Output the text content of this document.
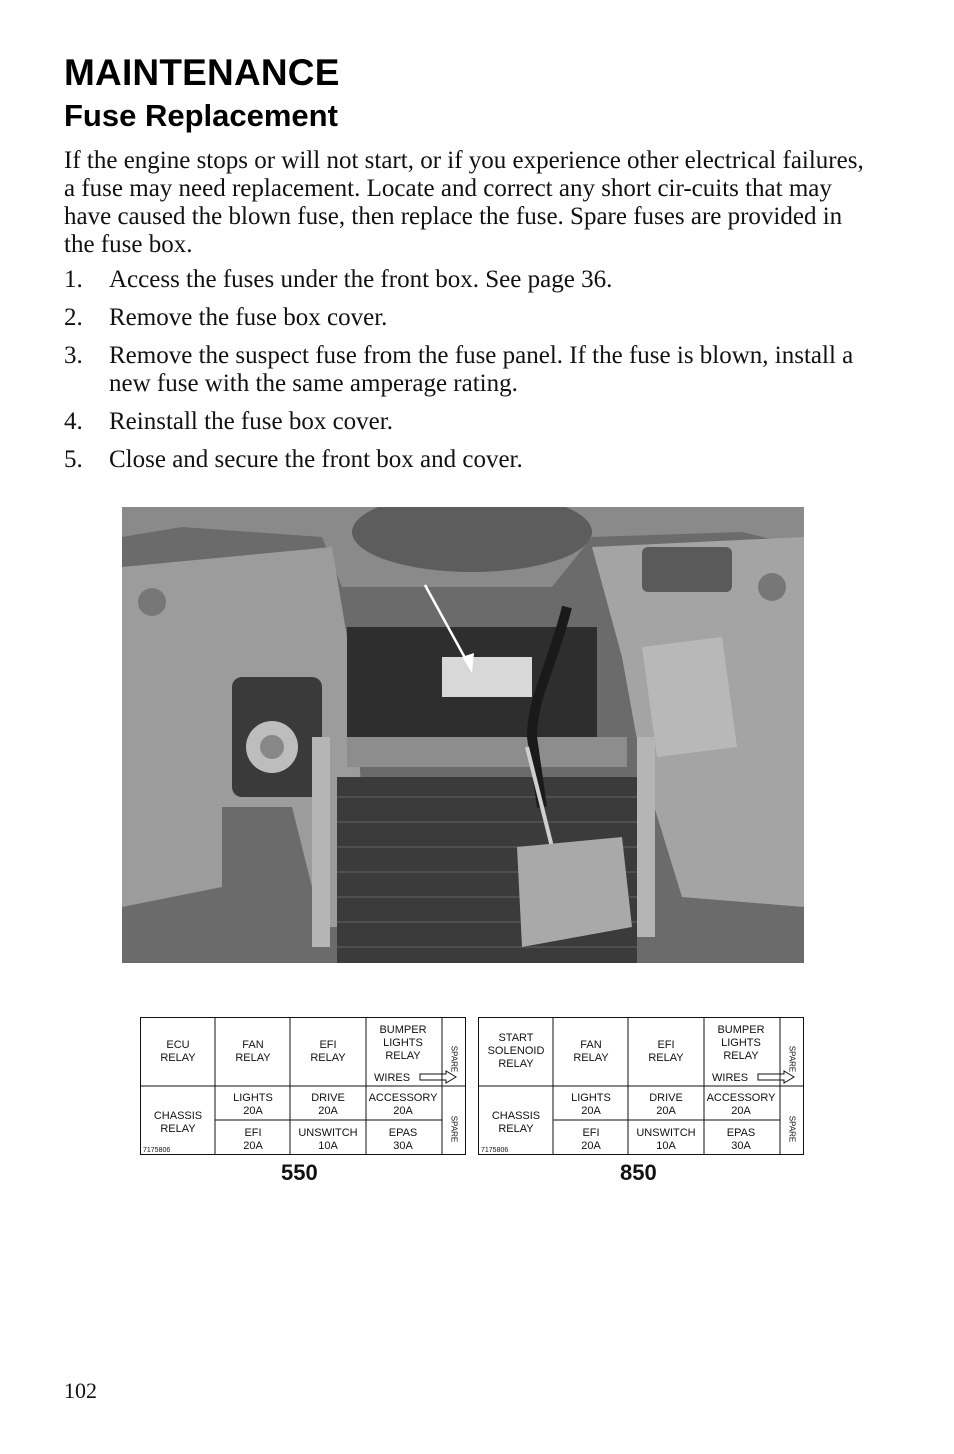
MAINTENANCE
Fuse Replacement

If the engine stops or will not start, or if you experience other electrical failures, a fuse may need replacement. Locate and correct any short cir-cuits that may have caused the blown fuse, then replace the fuse. Spare fuses are provided in the fuse box.

1. Access the fuses under the front box. See page 36.
2. Remove the fuse box cover.
3. Remove the suspect fuse from the fuse panel. If the fuse is blown, install a new fuse with the same amperage rating.
4. Reinstall the fuse box cover.
5. Close and secure the front box and cover.
ECU
RELAY
FAN
RELAY
EFI
RELAY
BUMPER
LIGHTS
RELAY
WIRES
SPARE
SPARE
CHASSIS
RELAY
LIGHTS
20A
DRIVE
20A
ACCESSORY
20A
EFI
20A
UNSWITCH
10A
EPAS
30A
7175806
550
START
SOLENOID
RELAY
FAN
RELAY
EFI
RELAY
BUMPER
LIGHTS
RELAY
WIRES
SPARE
SPARE
CHASSIS
RELAY
LIGHTS
20A
DRIVE
20A
ACCESSORY
20A
EFI
20A
UNSWITCH
10A
EPAS
30A
7175806
850
102
